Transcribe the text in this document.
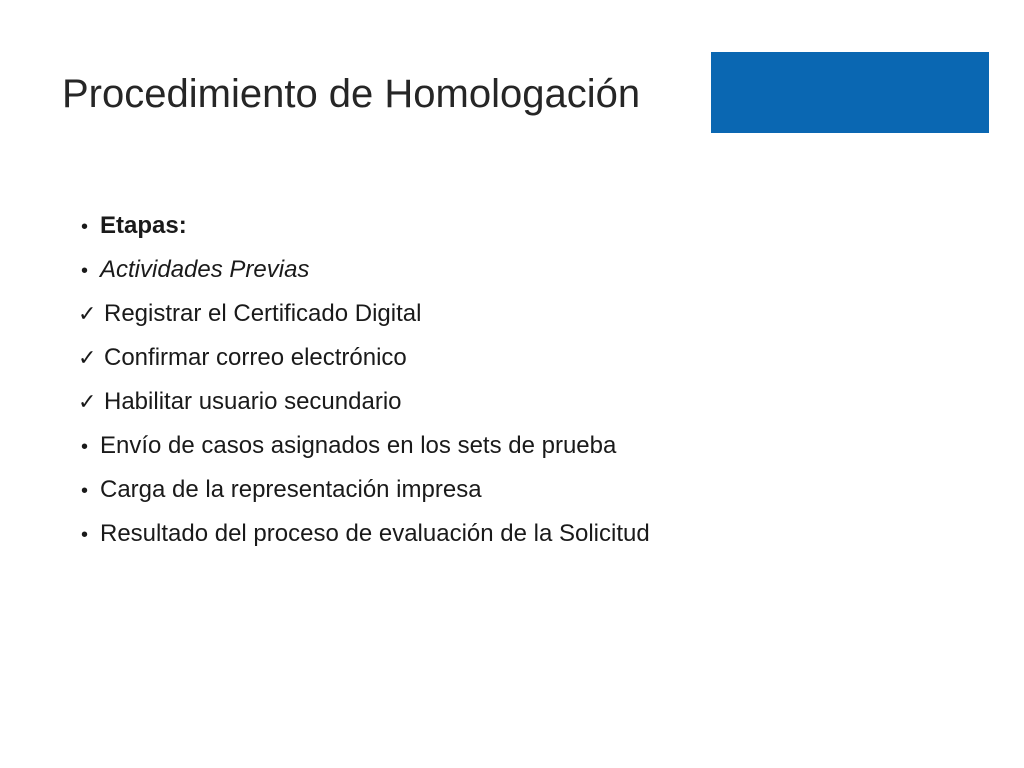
Procedimiento de Homologación
• Etapas:
• Actividades Previas
✓ Registrar el Certificado Digital
✓ Confirmar correo electrónico
✓ Habilitar usuario secundario
• Envío de casos asignados en los sets de prueba
• Carga de la representación impresa
• Resultado del proceso de evaluación de la Solicitud
